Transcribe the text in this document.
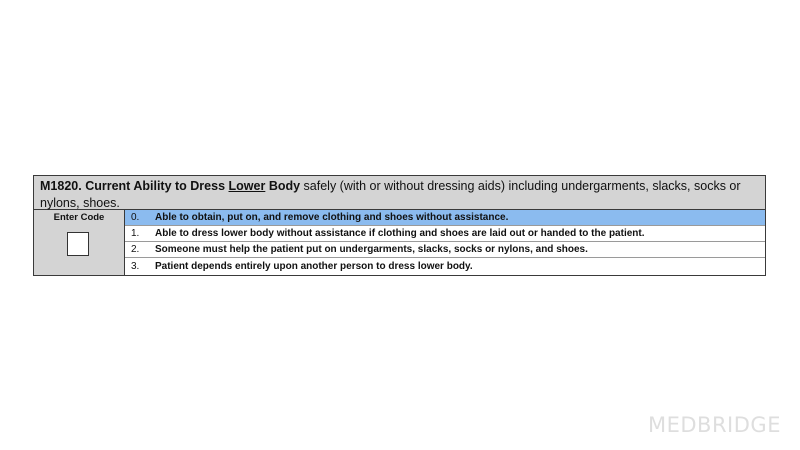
M1820. Current Ability to Dress Lower Body safely (with or without dressing aids) including undergarments, slacks, socks or nylons, shoes.
Enter Code	0.	Able to obtain, put on, and remove clothing and shoes without assistance.
1.	Able to dress lower body without assistance if clothing and shoes are laid out or handed to the patient.
2.	Someone must help the patient put on undergarments, slacks, socks or nylons, and shoes.
3.	Patient depends entirely upon another person to dress lower body.
MEDBRIDGE
